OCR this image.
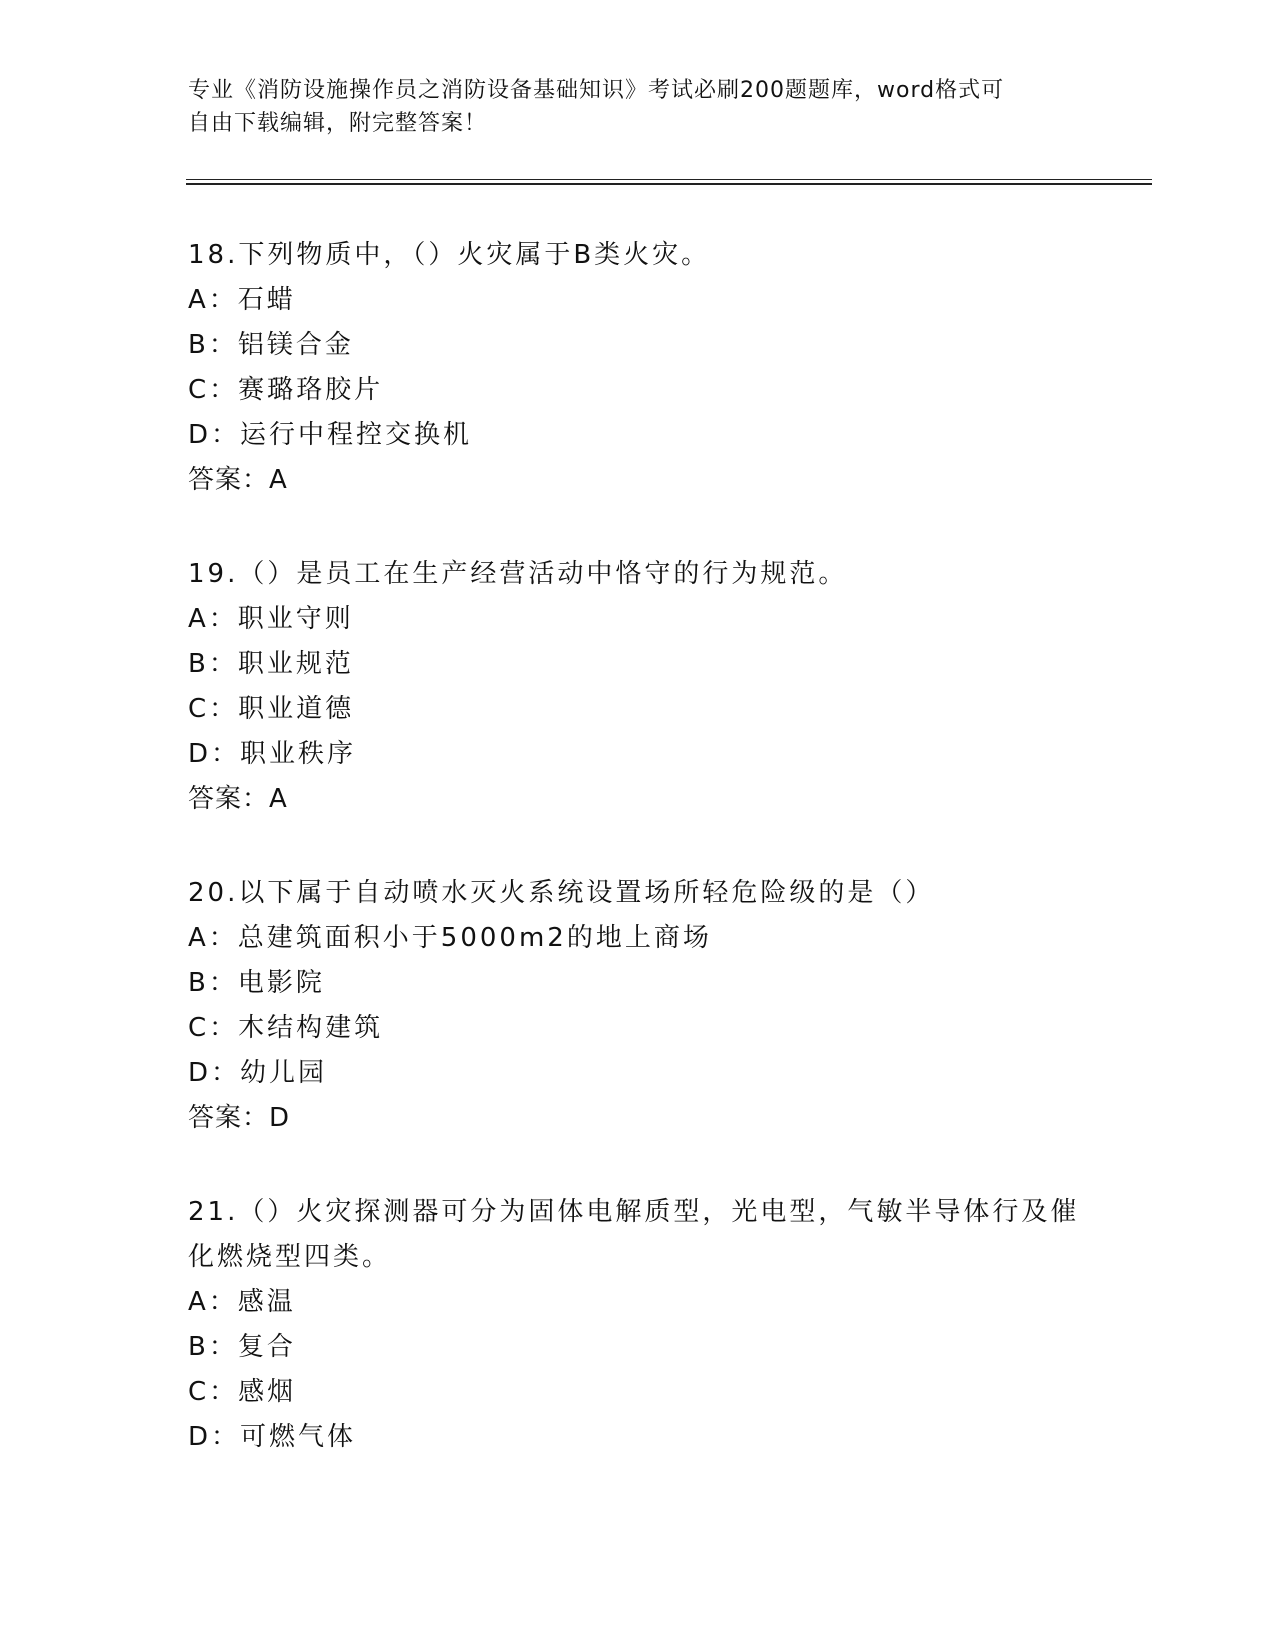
专业《消防设施操作员之消防设备基础知识》考试必刷200题题库，word格式可
自由下载编辑，附完整答案！
18.下列物质中，（）火灾属于B类火灾。
A：石蜡
B：铝镁合金
C：赛璐珞胶片
D：运行中程控交换机
答案：A
19.（）是员工在生产经营活动中恪守的行为规范。
A：职业守则
B：职业规范
C：职业道德
D：职业秩序
答案：A
20.以下属于自动喷水灭火系统设置场所轻危险级的是（）
A：总建筑面积小于5000m2的地上商场
B：电影院
C：木结构建筑
D：幼儿园
答案：D
21.（）火灾探测器可分为固体电解质型，光电型，气敏半导体行及催
化燃烧型四类。
A：感温
B：复合
C：感烟
D：可燃气体
